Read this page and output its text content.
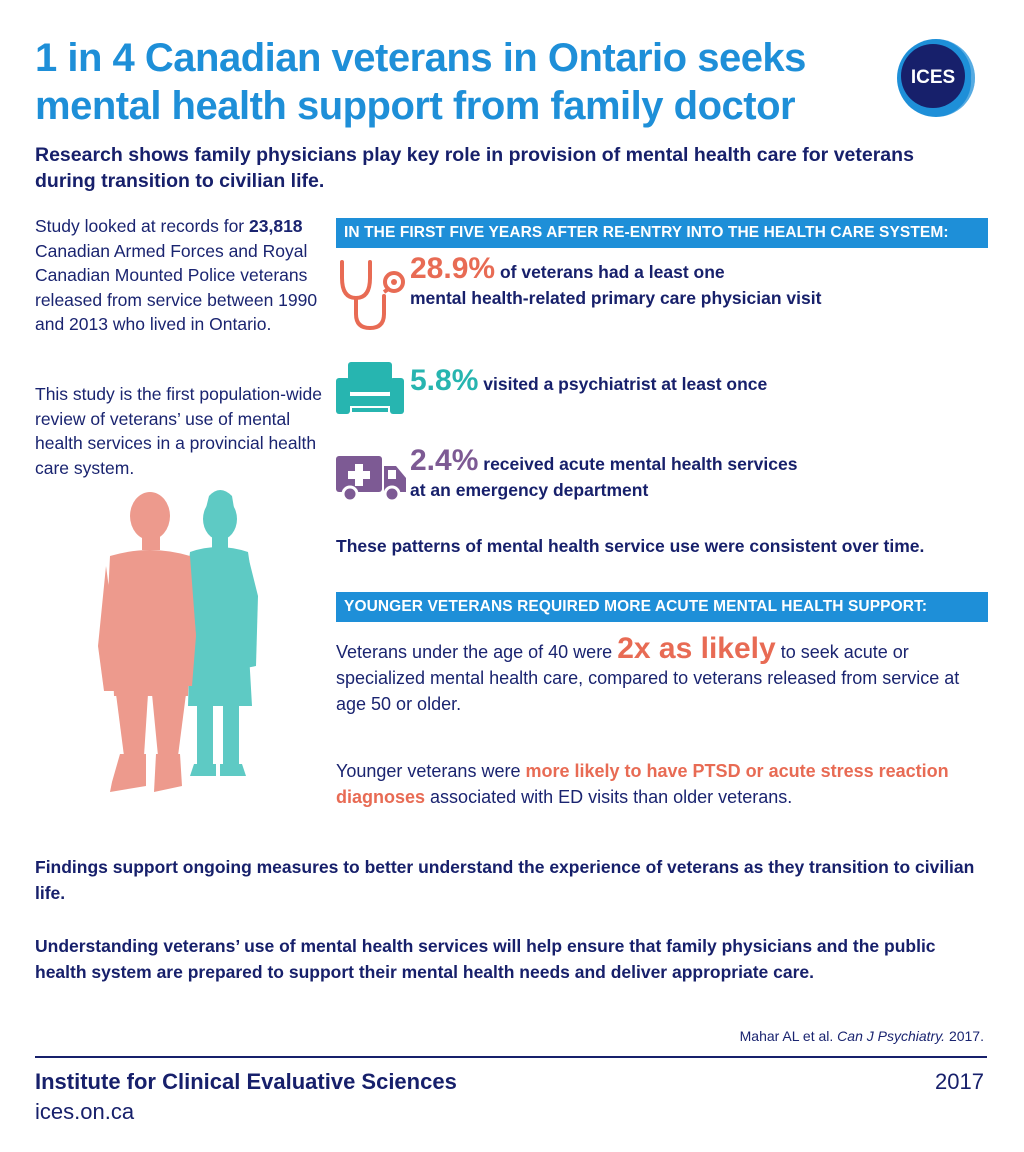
1 in 4 Canadian veterans in Ontario seeks mental health support from family doctor
ICES
Research shows family physicians play key role in provision of mental health care for veterans during transition to civilian life.
Study looked at records for 23,818 Canadian Armed Forces and Royal Canadian Mounted Police veterans released from service between 1990 and 2013 who lived in Ontario.
This study is the first population-wide review of veterans’ use of mental health services in a provincial health care system.
IN THE FIRST FIVE YEARS AFTER RE-ENTRY INTO THE HEALTH CARE SYSTEM:
28.9% of veterans had a least one
mental health-related primary care physician visit
5.8% visited a psychiatrist at least once
2.4% received acute mental health services
at an emergency department
These patterns of mental health service use were consistent over time.
YOUNGER VETERANS REQUIRED MORE ACUTE MENTAL HEALTH SUPPORT:
Veterans under the age of 40 were 2x as likely to seek acute or specialized mental health care, compared to veterans released from service at age 50 or older.
Younger veterans were more likely to have PTSD or acute stress reaction diagnoses associated with ED visits than older veterans.
Findings support ongoing measures to better understand the experience of veterans as they transition to civilian life.
Understanding veterans’ use of mental health services will help ensure that family physicians and the public health system are prepared to support their mental health needs and deliver appropriate care.
Mahar AL et al. Can J Psychiatry. 2017.
Institute for Clinical Evaluative Sciences
ices.on.ca
2017
